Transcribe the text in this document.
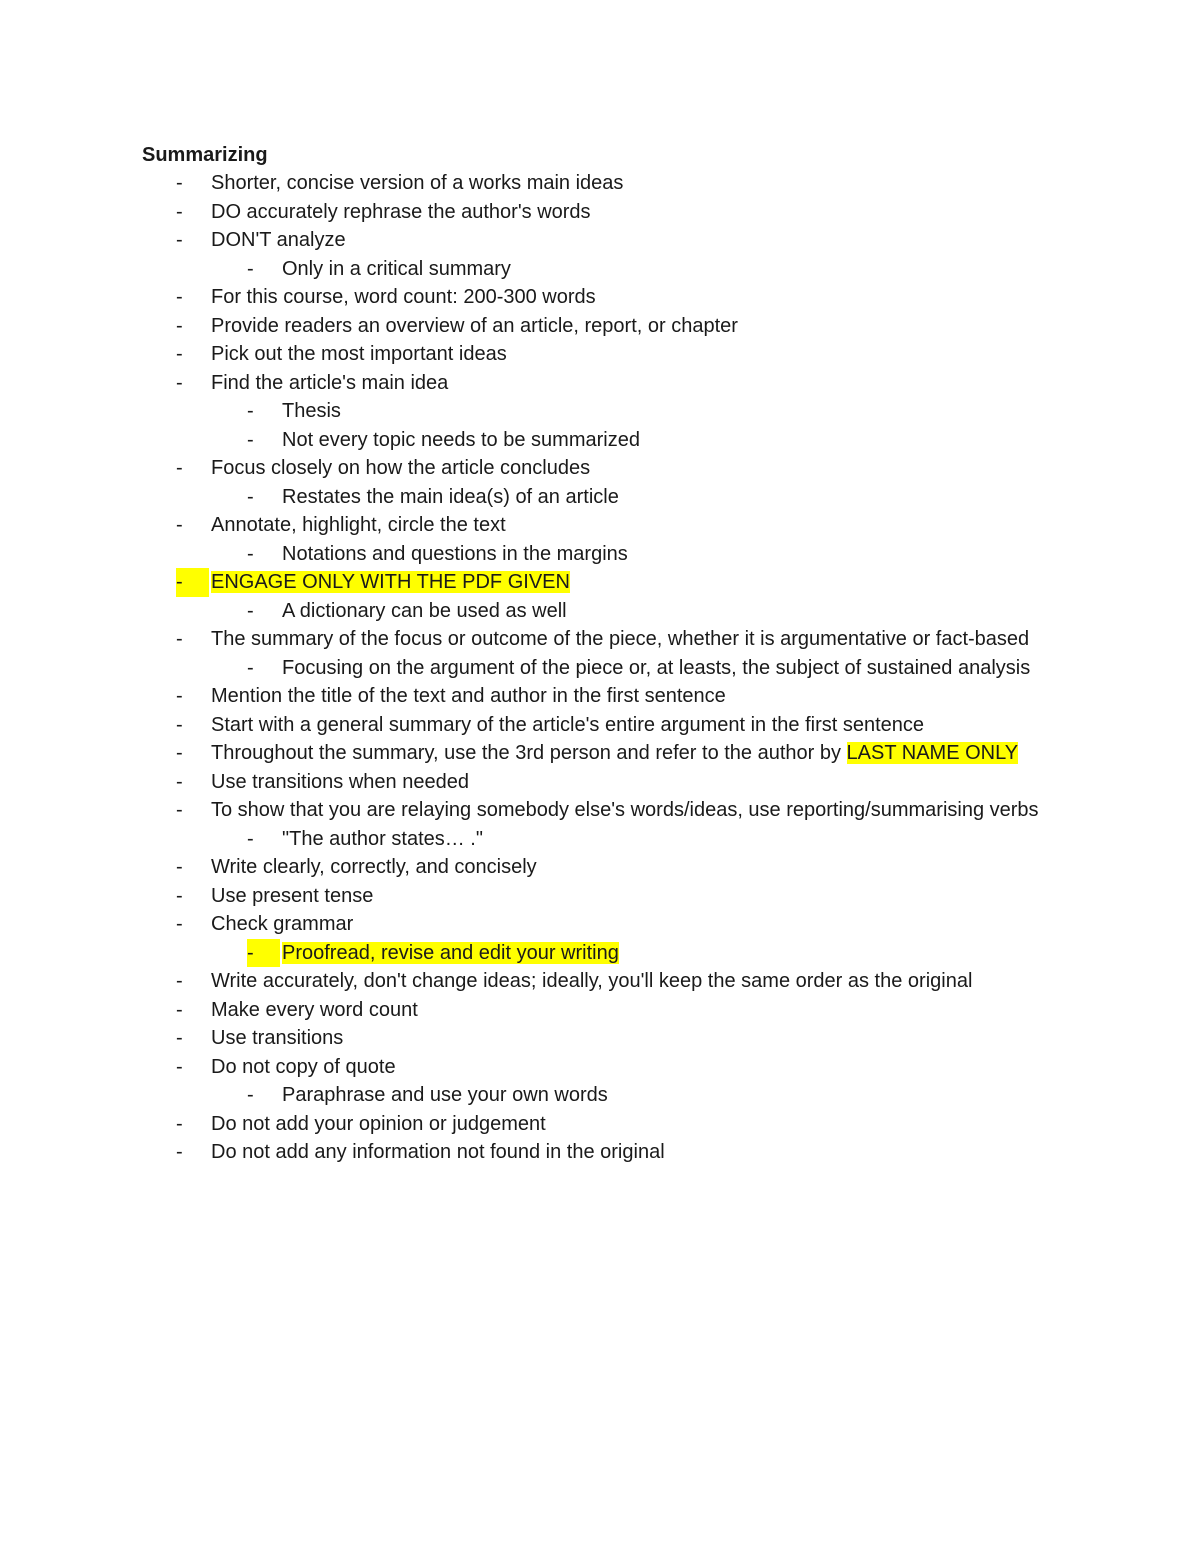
Summarizing

- Shorter, concise version of a works main ideas
- DO accurately rephrase the author's words
- DON'T analyze
- Only in a critical summary
- For this course, word count: 200-300 words
- Provide readers an overview of an article, report, or chapter
- Pick out the most important ideas
- Find the article's main idea
- Thesis
- Not every topic needs to be summarized
- Focus closely on how the article concludes
- Restates the main idea(s) of an article
- Annotate, highlight, circle the text
- Notations and questions in the margins
-	ENGAGE ONLY WITH THE PDF GIVEN
- A dictionary can be used as well
- The summary of the focus or outcome of the piece, whether it is argumentative or fact-based
- Focusing on the argument of the piece or, at leasts, the subject of sustained analysis
- Mention the title of the text and author in the first sentence
- Start with a general summary of the article's entire argument in the first sentence
- Throughout the summary, use the 3rd person and refer to the author by LAST NAME ONLY
- Use transitions when needed
- To show that you are relaying somebody else's words/ideas, use reporting/summarising verbs
- "The author states… ."
- Write clearly, correctly, and concisely
- Use present tense
- Check grammar
-	Proofread, revise and edit your writing
- Write accurately, don't change ideas; ideally, you'll keep the same order as the original
- Make every word count
- Use transitions
- Do not copy of quote
- Paraphrase and use your own words
- Do not add your opinion or judgement
- Do not add any information not found in the original
